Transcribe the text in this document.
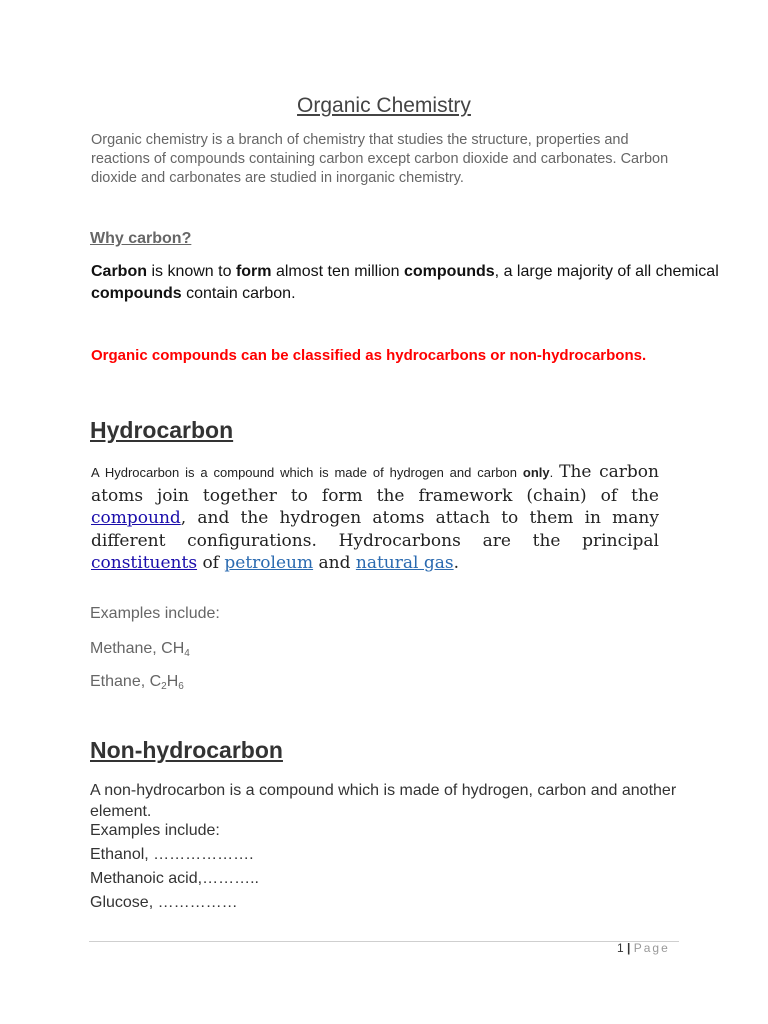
Organic Chemistry
Organic chemistry is a branch of chemistry that studies the structure, properties and reactions of compounds containing carbon except carbon dioxide and carbonates. Carbon dioxide and carbonates are studied in inorganic chemistry.
Why carbon?
Carbon is known to form almost ten million compounds, a large majority of all chemical compounds contain carbon.
Organic compounds can be classified as hydrocarbons or non-hydrocarbons.
Hydrocarbon
A Hydrocarbon is a compound which is made of hydrogen and carbon only. The carbon atoms join together to form the framework (chain) of the compound, and the hydrogen atoms attach to them in many different configurations. Hydrocarbons are the principal constituents of petroleum and natural gas.
Examples include:
Methane, $CH_4$
Ethane, $C_2H_6$
Non-hydrocarbon
A non-hydrocarbon is a compound which is made of hydrogen, carbon and another element.
Examples include:
Ethanol, ……………….
Methanoic acid,………..
Glucose, ……………
1 | Page
